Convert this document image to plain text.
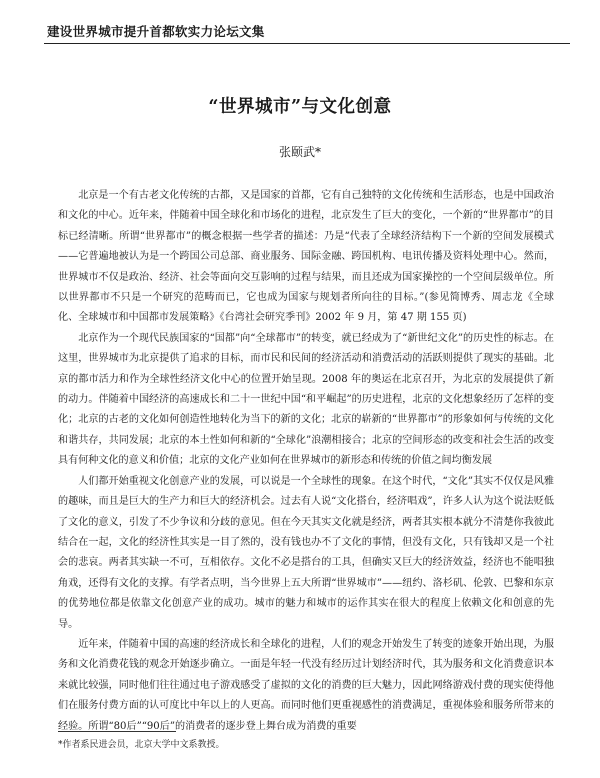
建设世界城市提升首都软实力论坛文集
“世界城市”与文化创意
张颐武*

北京是一个有古老文化传统的古都，又是国家的首都，它有自己独特的文化传统和生活形态，也是中国政治和文化的中心。近年来，伴随着中国全球化和市场化的进程，北京发生了巨大的变化，一个新的“世界都市”的目标已经清晰。所谓“世界都市”的概念根据一些学者的描述：乃是“代表了全球经济结构下一个新的空间发展模式——它普遍地被认为是一个跨国公司总部、商业服务、国际金融、跨国机构、电讯传播及资料处理中心。然而，世界城市不仅是政治、经济、社会等面向交互影响的过程与结果，而且还成为国家操控的一个空间层级单位。所以世界都市不只是一个研究的范畴而已，它也成为国家与规划者所向往的目标。”(参见简博秀、周志龙《全球化、全球城市和中国都市发展策略》《台湾社会研究季刊》2002 年 9 月，第 47 期 155 页)

北京作为一个现代民族国家的“国都”向“全球都市”的转变，就已经成为了“新世纪文化”的历史性的标志。在这里，世界城市为北京提供了追求的目标，而市民和民间的经济活动和消费活动的活跃则提供了现实的基础。北京的都市活力和作为全球性经济文化中心的位置开始呈现。2008 年的奥运在北京召开，为北京的发展提供了新的动力。伴随着中国经济的高速成长和二十一世纪中国“和平崛起”的历史进程，北京的文化想象经历了怎样的变化；北京的古老的文化如何创造性地转化为当下的新的文化；北京的崭新的“世界都市”的形象如何与传统的文化和谐共存，共同发展；北京的本土性如何和新的“全球化”浪潮相接合；北京的空间形态的改变和社会生活的改变具有何种文化的意义和价值；北京的文化产业如何在世界城市的新形态和传统的价值之间均衡发展

人们都开始重视文化创意产业的发展，可以说是一个全球性的现象。在这个时代，“文化”其实不仅仅是风雅的趣味，而且是巨大的生产力和巨大的经济机会。过去有人说“文化搭台，经济唱戏”，许多人认为这个说法贬低了文化的意义，引发了不少争议和分歧的意见。但在今天其实文化就是经济，两者其实根本就分不清楚你我彼此结合在一起，文化的经济性其实是一目了然的，没有钱也办不了文化的事情，但没有文化，只有钱却又是一个社会的悲哀。两者其实缺一不可，互相依存。文化不必是搭台的工具，但确实又巨大的经济效益，经济也不能唱独角戏，还得有文化的支撑。有学者点明，当今世界上五大所谓“世界城市”——纽约、洛杉矶、伦敦、巴黎和东京的优势地位都是依靠文化创意产业的成功。城市的魅力和城市的运作其实在很大的程度上依赖文化和创意的先导。

近年来，伴随着中国的高速的经济成长和全球化的进程，人们的观念开始发生了转变的迹象开始出现，为服务和文化消费花钱的观念开始逐步确立。一面是年轻一代没有经历过计划经济时代，其为服务和文化消费意识本来就比较强，同时他们往往通过电子游戏感受了虚拟的文化的消费的巨大魅力，因此网络游戏付费的现实使得他们在服务付费方面的认可度比中年以上的人更高。而同时他们更重视感性的消费满足，重视体验和服务所带来的经验。所谓“80后”“90后”的消费者的逐步登上舞台成为消费的重要

*作者系民进会员，北京大学中文系教授。
